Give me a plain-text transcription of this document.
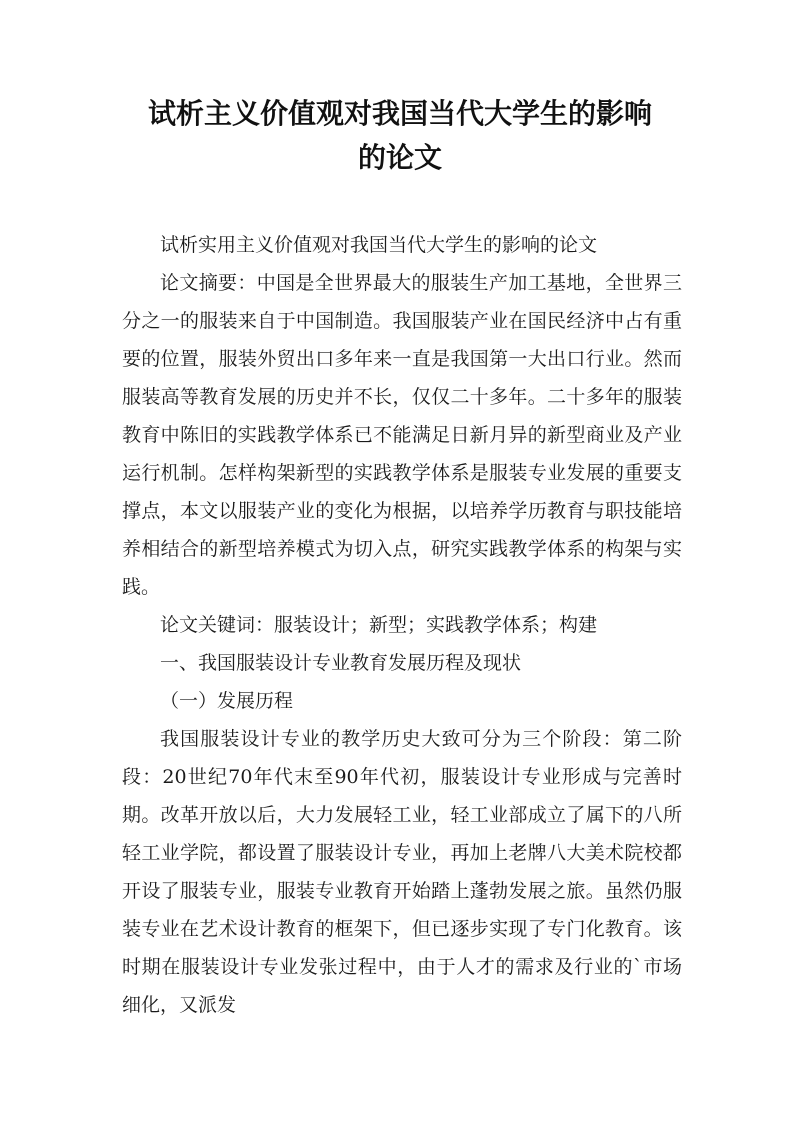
试析主义价值观对我国当代大学生的影响
的论文

试析实用主义价值观对我国当代大学生的影响的论文

论文摘要：中国是全世界最大的服装生产加工基地，全世界三分之一的服装来自于中国制造。我国服装产业在国民经济中占有重要的位置，服装外贸出口多年来一直是我国第一大出口行业。然而服装高等教育发展的历史并不长，仅仅二十多年。二十多年的服装教育中陈旧的实践教学体系已不能满足日新月异的新型商业及产业运行机制。怎样构架新型的实践教学体系是服装专业发展的重要支撑点，本文以服装产业的变化为根据，以培养学历教育与职技能培养相结合的新型培养模式为切入点，研究实践教学体系的构架与实践。

论文关键词：服装设计；新型；实践教学体系；构建

一、我国服装设计专业教育发展历程及现状

（一）发展历程

我国服装设计专业的教学历史大致可分为三个阶段：第二阶段：20世纪70年代末至90年代初，服装设计专业形成与完善时期。改革开放以后，大力发展轻工业，轻工业部成立了属下的八所轻工业学院，都设置了服装设计专业，再加上老牌八大美术院校都开设了服装专业，服装专业教育开始踏上蓬勃发展之旅。虽然仍服装专业在艺术设计教育的框架下，但已逐步实现了专门化教育。该时期在服装设计专业发张过程中，由于人才的需求及行业的`市场细化，又派发
